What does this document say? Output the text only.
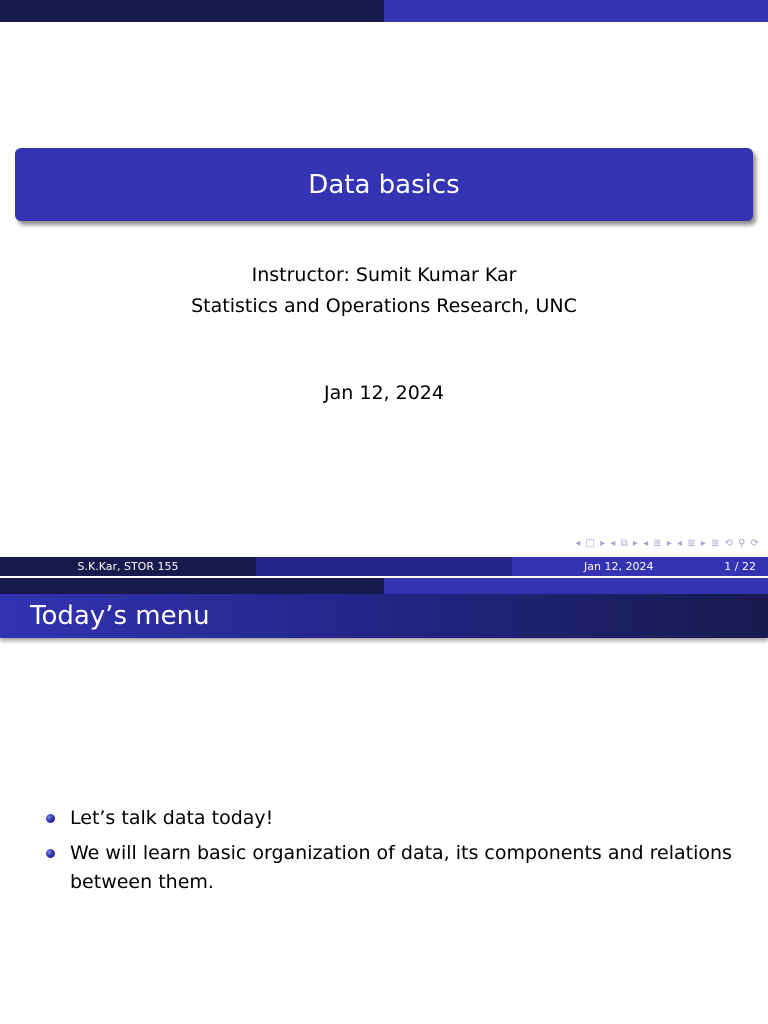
Data basics
Instructor: Sumit Kumar Kar
Statistics and Operations Research, UNC
Jan 12, 2024
◂ □ ▸ ◂ ⧉ ▸ ◂ ≣ ▸ ◂ ≣ ▸ ≣ ⟲ ⚲ ⟳
S.K.Kar, STOR 155	Jan 12, 2024	1 / 22
Today’s menu
Let’s talk data today!
We will learn basic organization of data, its components and relations between them.
